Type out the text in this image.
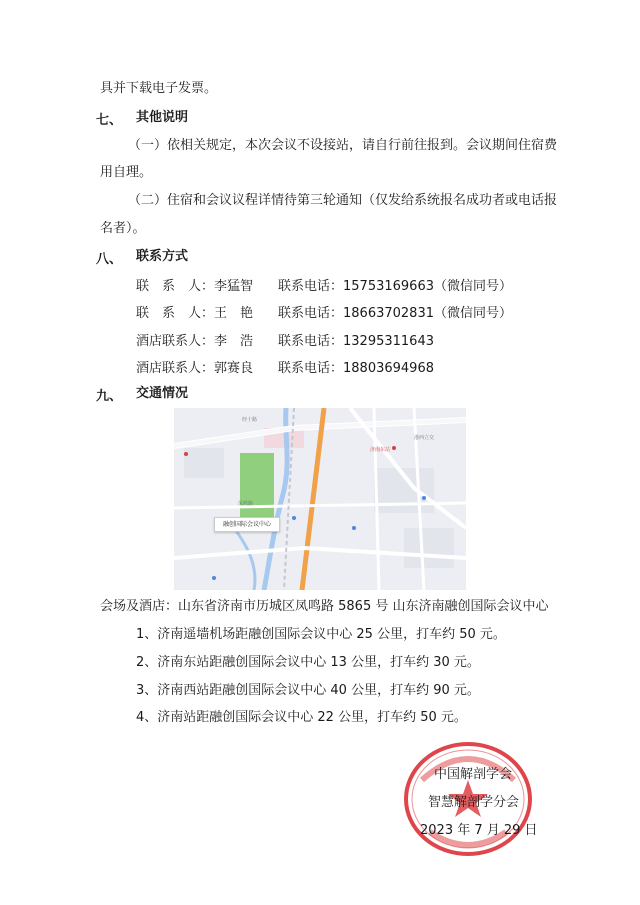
具并下载电子发票。
七、 其他说明
（一）依相关规定，本次会议不设接站，请自行前往报到。会议期间住宿费
用自理。
（二）住宿和会议议程详情待第三轮通知（仅发给系统报名成功者或电话报
名者）。
八、 联系方式
联　系　人：李猛智 联系电话：15753169663（微信同号）
联　系　人：王　艳 联系电话：18663702831（微信同号）
酒店联系人：李　浩 联系电话：13295311643
酒店联系人：郭赛良 联系电话：18803694968
九、 交通情况
经十路
凤鸣路
济南东站
港西立交
融创国际会议中心
会场及酒店：山东省济南市历城区凤鸣路 5865 号 山东济南融创国际会议中心
1、济南遥墙机场距融创国际会议中心 25 公里，打车约 50 元。
2、济南东站距融创国际会议中心 13 公里，打车约 30 元。
3、济南西站距融创国际会议中心 40 公里，打车约 90 元。
4、济南站距融创国际会议中心 22 公里，打车约 50 元。
中国解剖学会
智慧解剖学分会
2023 年 7 月 29 日
